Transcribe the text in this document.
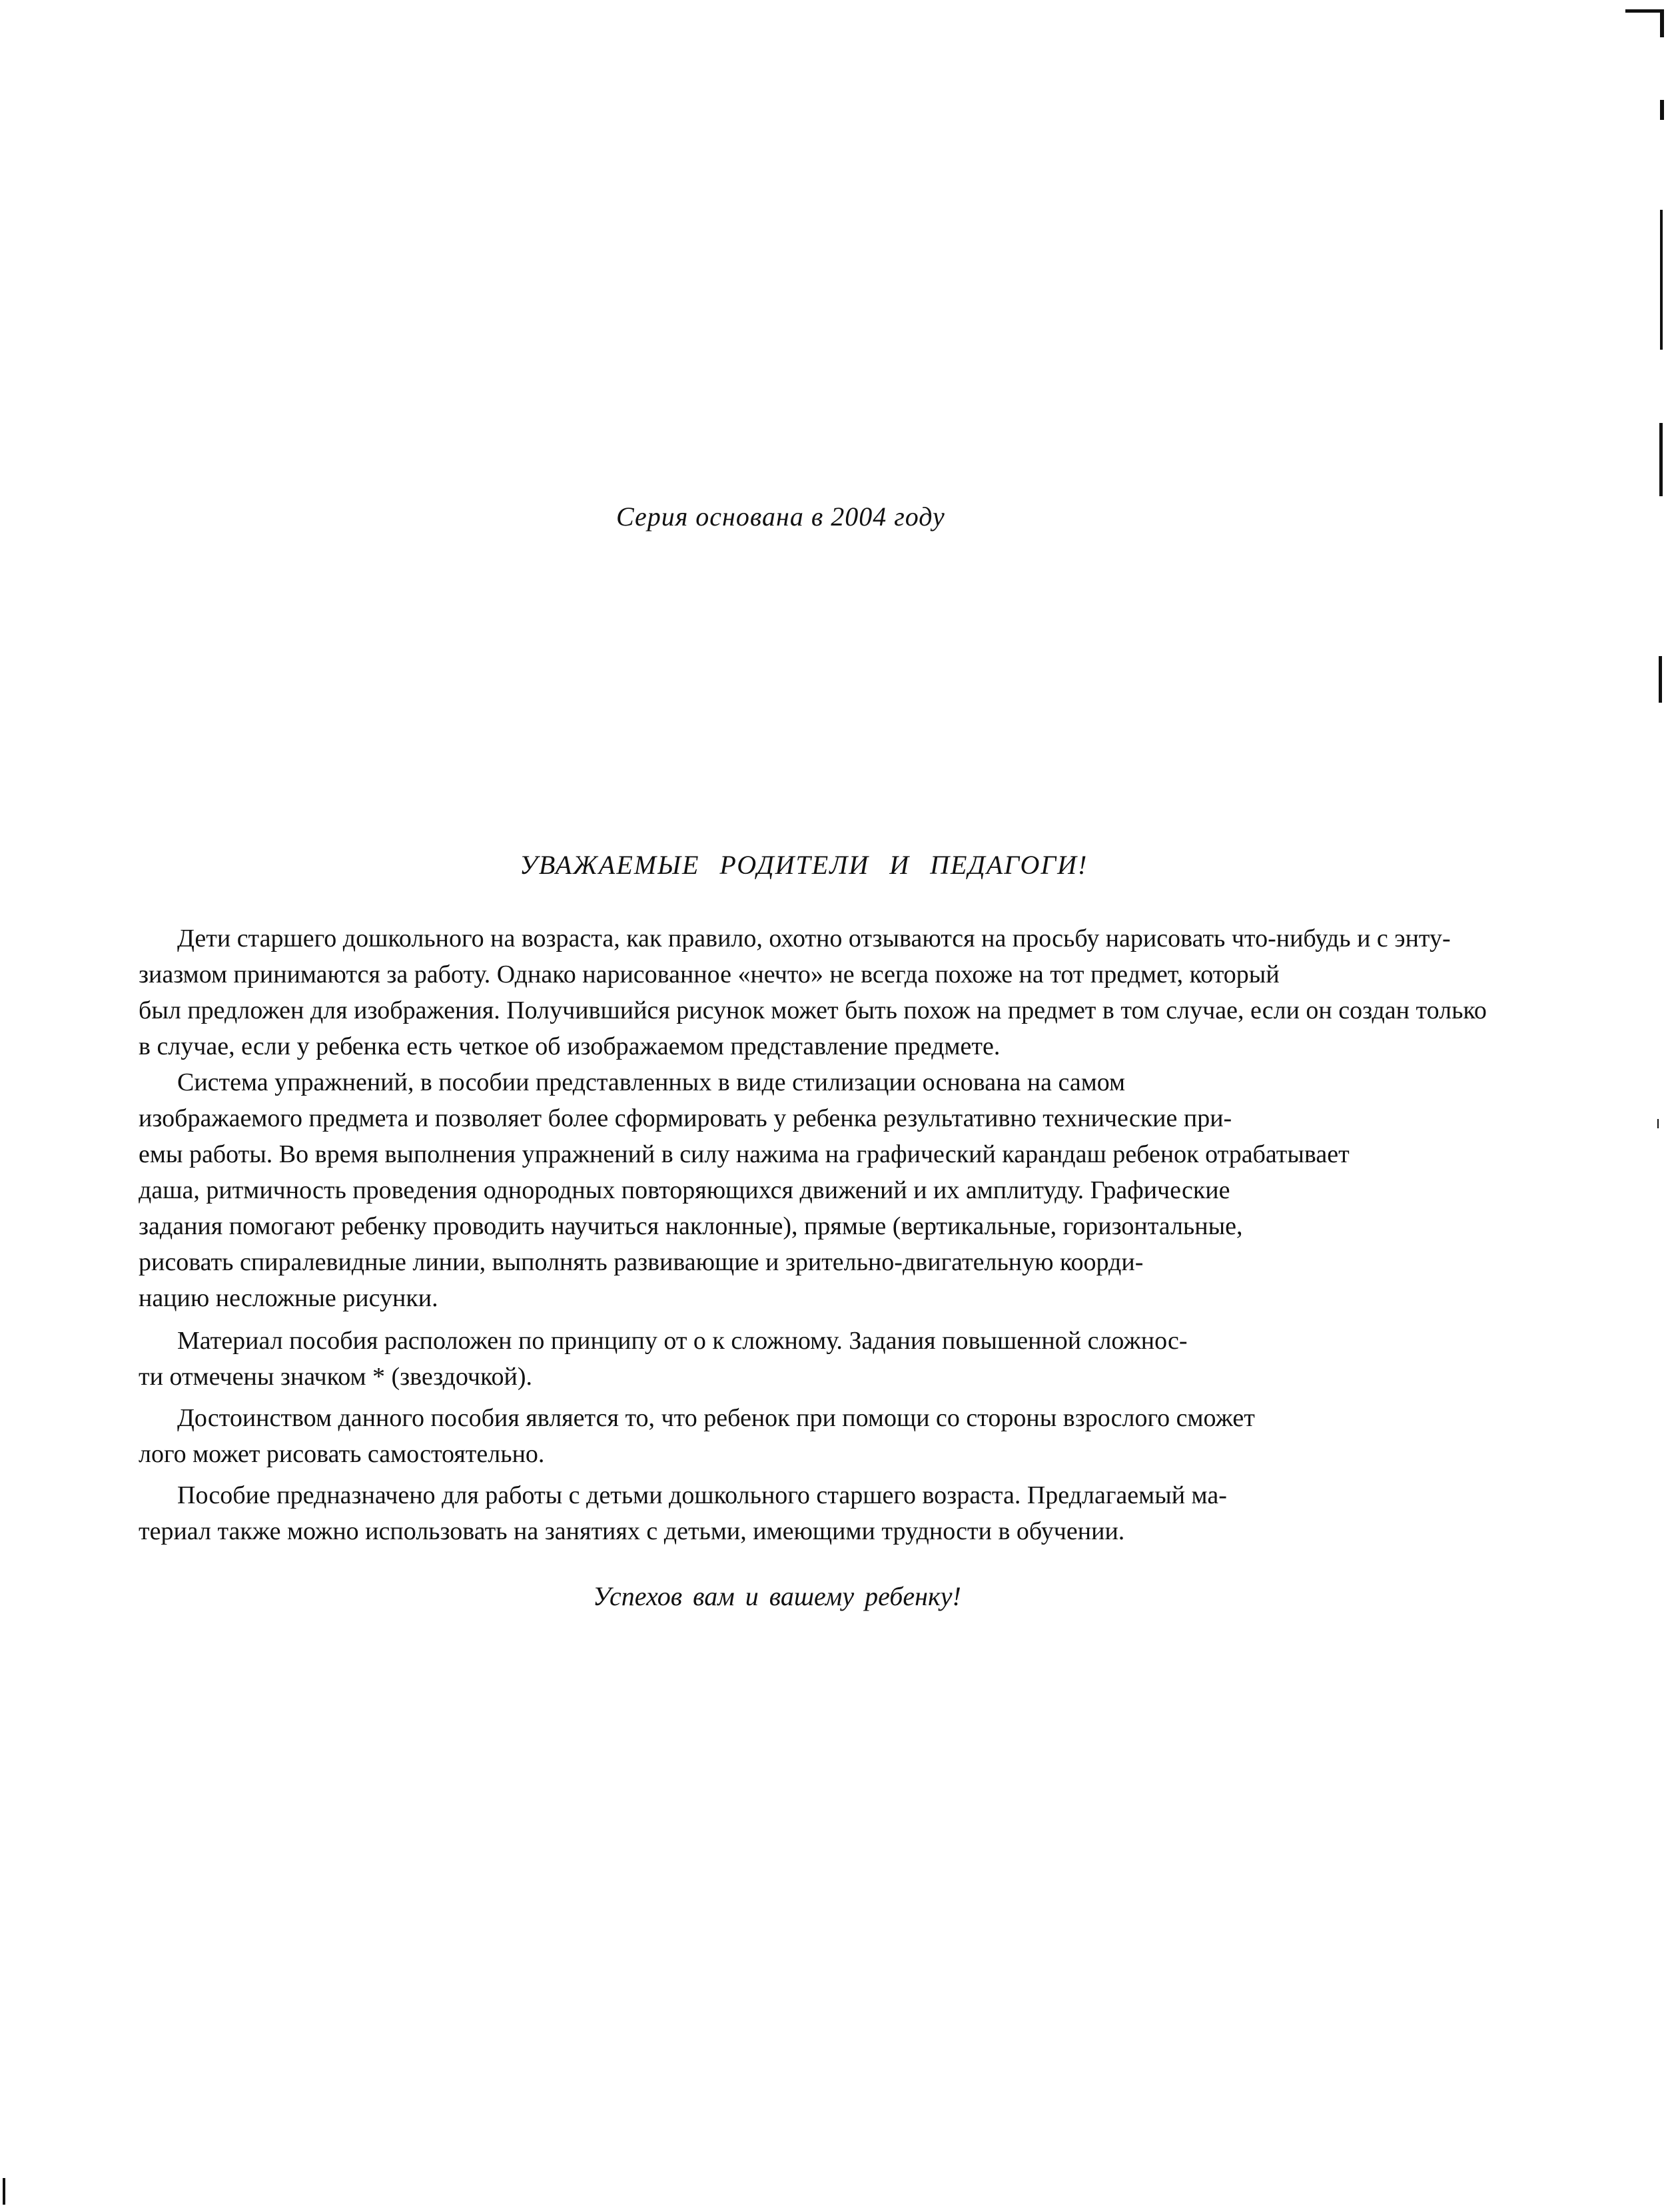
Серия основана в 2004 году
УВАЖАЕМЫЕ РОДИТЕЛИ И ПЕДАГОГИ!
Дети старшего дошкольного на возраста, как правило, охотно отзываются на просьбу нарисовать что-нибудь и с энту-
зиазмом принимаются за работу. Однако нарисованное «нечто» не всегда похоже на тот предмет, который
был предложен для изображения. Получившийся рисунок может быть похож на предмет в том случае, если он создан только
в случае, если у ребенка есть четкое об изображаемом представление предмете.
Система упражнений, в пособии представленных в виде стилизации основана на самом
изображаемого предмета и позволяет более сформировать у ребенка результативно технические при-
емы работы. Во время выполнения упражнений в силу нажима на графический карандаш ребенок отрабатывает
даша, ритмичность проведения однородных повторяющихся движений и их амплитуду. Графические
задания помогают ребенку проводить научиться наклонные), прямые (вертикальные, горизонтальные,
рисовать спиралевидные линии, выполнять развивающие и зрительно-двигательную коорди-
нацию несложные рисунки.
Материал пособия расположен по принципу от о к сложному. Задания повышенной сложнос-
ти отмечены значком * (звездочкой).
Достоинством данного пособия является то, что ребенок при помощи со стороны взрослого сможет
лого может рисовать самостоятельно.
Пособие предназначено для работы с детьми дошкольного старшего возраста. Предлагаемый ма-
териал также можно использовать на занятиях с детьми, имеющими трудности в обучении.
Успехов вам и вашему ребенку!
